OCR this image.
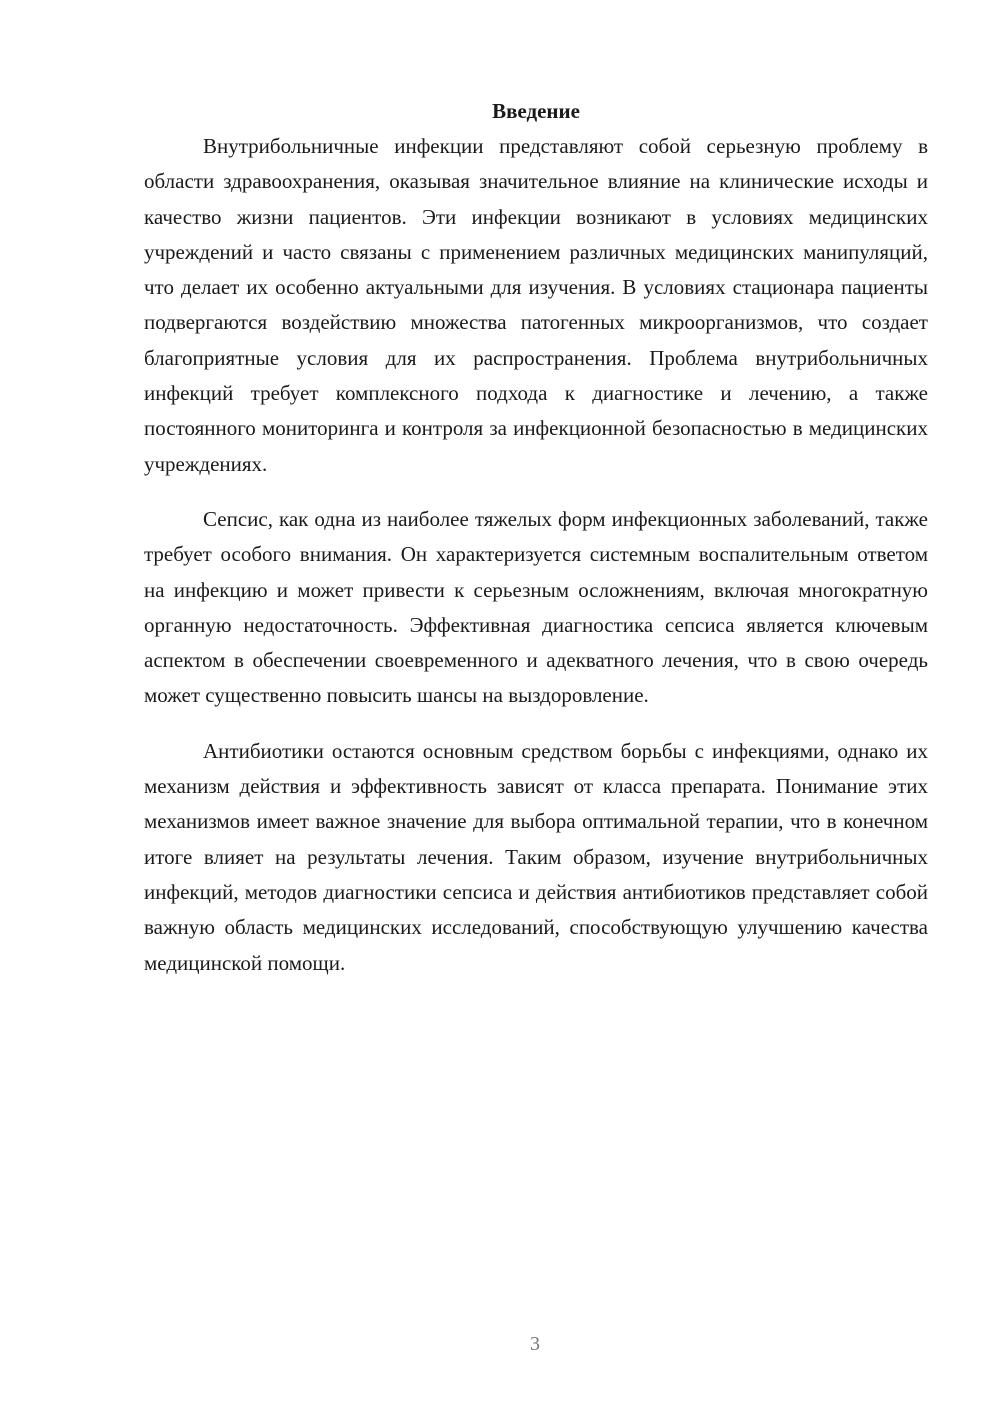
Введение

Внутрибольничные инфекции представляют собой серьезную проблему в области здравоохранения, оказывая значительное влияние на клинические исходы и качество жизни пациентов. Эти инфекции возникают в условиях медицинских учреждений и часто связаны с применением различных медицинских манипуляций, что делает их особенно актуальными для изучения. В условиях стационара пациенты подвергаются воздействию множества патогенных микроорганизмов, что создает благоприятные условия для их распространения. Проблема внутрибольничных инфекций требует комплексного подхода к диагностике и лечению, а также постоянного мониторинга и контроля за инфекционной безопасностью в медицинских учреждениях.

Сепсис, как одна из наиболее тяжелых форм инфекционных заболеваний, также требует особого внимания. Он характеризуется системным воспалительным ответом на инфекцию и может привести к серьезным осложнениям, включая многократную органную недостаточность. Эффективная диагностика сепсиса является ключевым аспектом в обеспечении своевременного и адекватного лечения, что в свою очередь может существенно повысить шансы на выздоровление.

Антибиотики остаются основным средством борьбы с инфекциями, однако их механизм действия и эффективность зависят от класса препарата. Понимание этих механизмов имеет важное значение для выбора оптимальной терапии, что в конечном итоге влияет на результаты лечения. Таким образом, изучение внутрибольничных инфекций, методов диагностики сепсиса и действия антибиотиков представляет собой важную область медицинских исследований, способствующую улучшению качества медицинской помощи.

3
